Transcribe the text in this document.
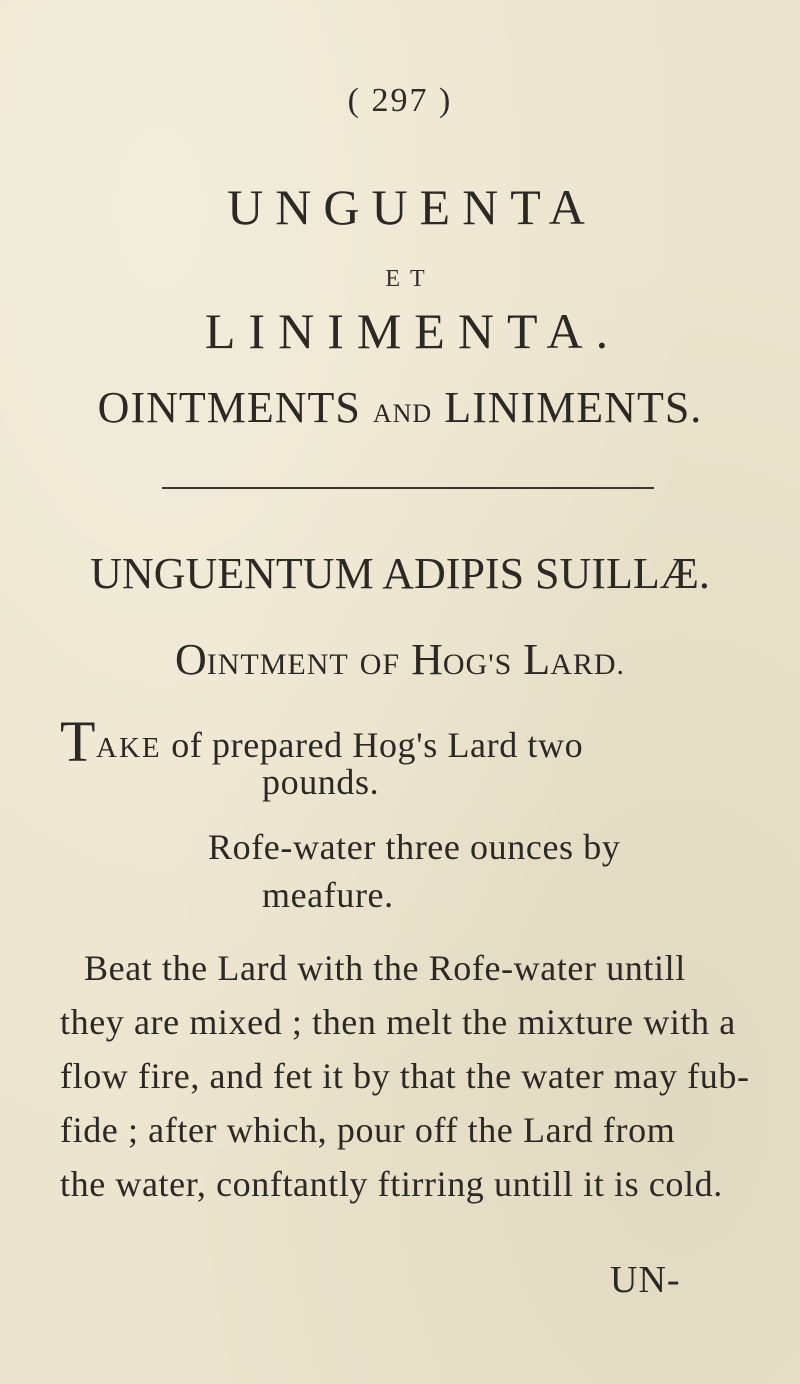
( 297 )
UNGUENTA
ET
LINIMENTA.
OINTMENTS AND LINIMENTS.
UNGUENTUM ADIPIS SUILLÆ.
OINTMENT OF HOG'S LARD.
TAKE of prepared Hog's Lard two
pounds.
Rofe-water three ounces by
meafure.
Beat the Lard with the Rofe-water untill
they are mixed ; then melt the mixture with a
flow fire, and fet it by that the water may fub-
fide ; after which, pour off the Lard from
the water, conftantly ftirring untill it is cold.
UN-
